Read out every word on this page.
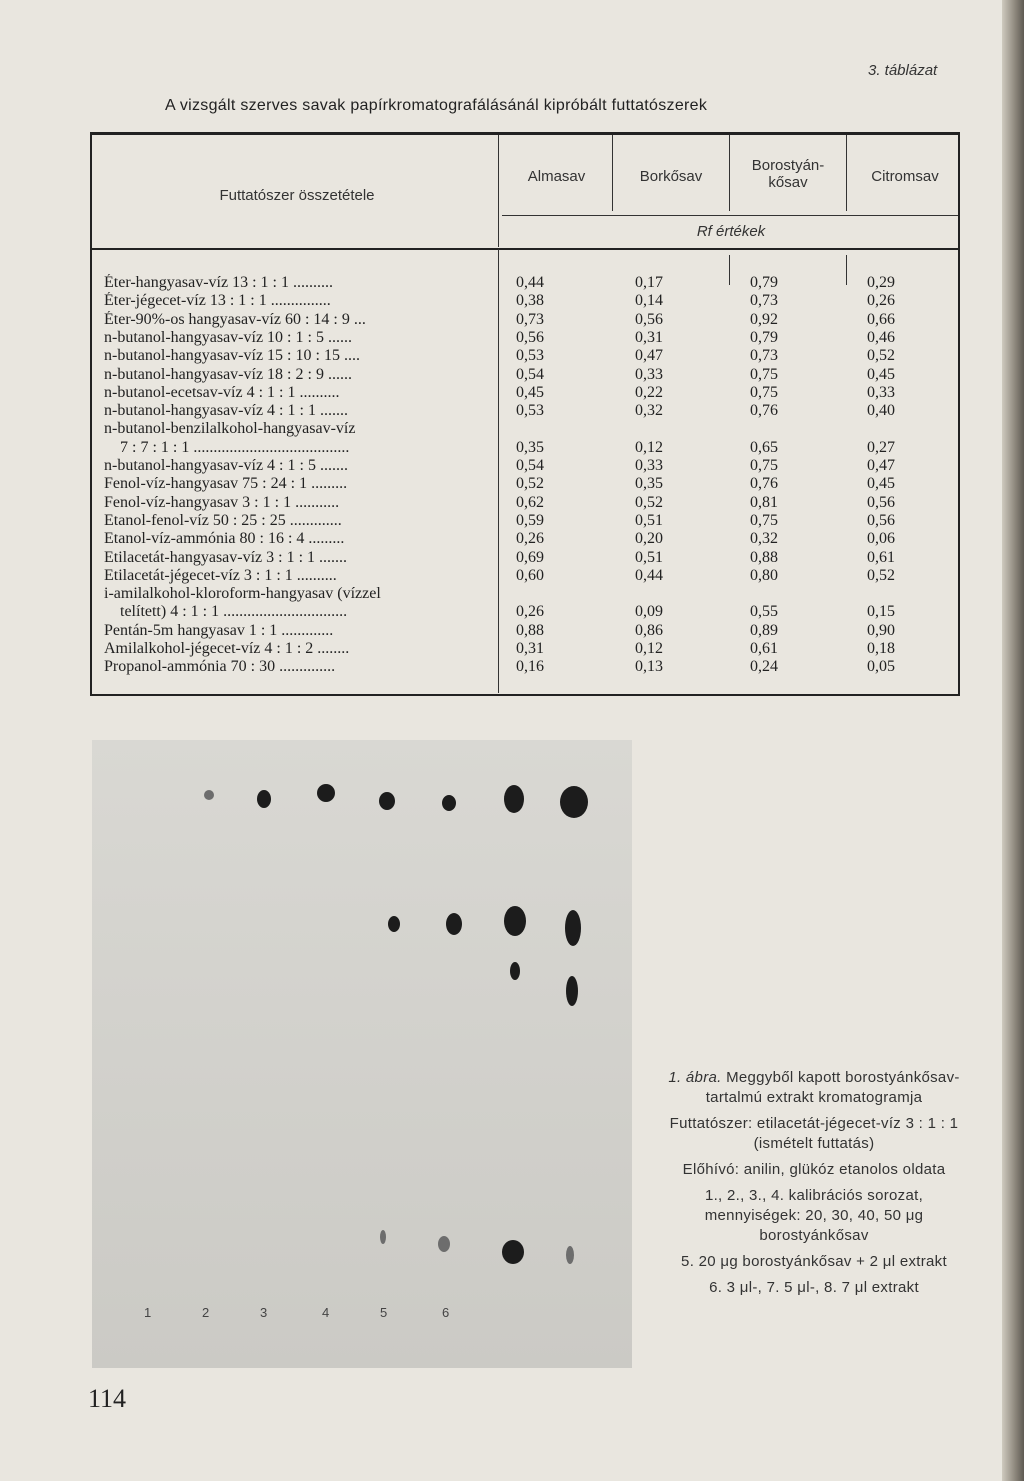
3. táblázat
A vizsgált szerves savak papírkromatografálásánál kipróbált futtatószerek
Futtatószer összetétele
Almasav	Borkősav
Borostyán-kősav	Citromsav
Rf értékek
Éter-hangyasav-víz 13 : 1 : 1 ..........	0,44	0,17	0,79	0,29
Éter-jégecet-víz 13 : 1 : 1 ...............	0,38	0,14	0,73	0,26
Éter-90%-os hangyasav-víz 60 : 14 : 9 ...	0,73	0,56	0,92	0,66
n-butanol-hangyasav-víz 10 : 1 : 5 ......	0,56	0,31	0,79	0,46
n-butanol-hangyasav-víz 15 : 10 : 15 ....	0,53	0,47	0,73	0,52
n-butanol-hangyasav-víz 18 : 2 : 9 ......	0,54	0,33	0,75	0,45
n-butanol-ecetsav-víz 4 : 1 : 1 ..........	0,45	0,22	0,75	0,33
n-butanol-hangyasav-víz 4 : 1 : 1 .......	0,53	0,32	0,76	0,40
n-butanol-benzilalkohol-hangyasav-víz
7 : 7 : 1 : 1 .......................................	0,35	0,12	0,65	0,27
n-butanol-hangyasav-víz 4 : 1 : 5 .......	0,54	0,33	0,75	0,47
Fenol-víz-hangyasav 75 : 24 : 1 .........	0,52	0,35	0,76	0,45
Fenol-víz-hangyasav 3 : 1 : 1 ...........	0,62	0,52	0,81	0,56
Etanol-fenol-víz 50 : 25 : 25 .............	0,59	0,51	0,75	0,56
Etanol-víz-ammónia 80 : 16 : 4 .........	0,26	0,20	0,32	0,06
Etilacetát-hangyasav-víz 3 : 1 : 1 .......	0,69	0,51	0,88	0,61
Etilacetát-jégecet-víz 3 : 1 : 1 ..........	0,60	0,44	0,80	0,52
i-amilalkohol-kloroform-hangyasav (vízzel
telített) 4 : 1 : 1 ...............................	0,26	0,09	0,55	0,15
Pentán-5m hangyasav 1 : 1 .............	0,88	0,86	0,89	0,90
Amilalkohol-jégecet-víz 4 : 1 : 2 ........	0,31	0,12	0,61	0,18
Propanol-ammónia 70 : 30 ..............	0,16	0,13	0,24	0,05
1	2	3	4	5	6

1. ábra. Meggyből kapott borostyánkősav-tartalmú extrakt kromatogramja

Futtatószer: etilacetát-jégecet-víz 3 : 1 : 1 (ismételt futtatás)

Előhívó: anilin, glükóz etanolos oldata

1., 2., 3., 4. kalibrációs sorozat, mennyiségek: 20, 30, 40, 50 μg borostyánkősav

5. 20 μg borostyánkősav + 2 μl extrakt

6. 3 μl-, 7. 5 μl-, 8. 7 μl extrakt

114
